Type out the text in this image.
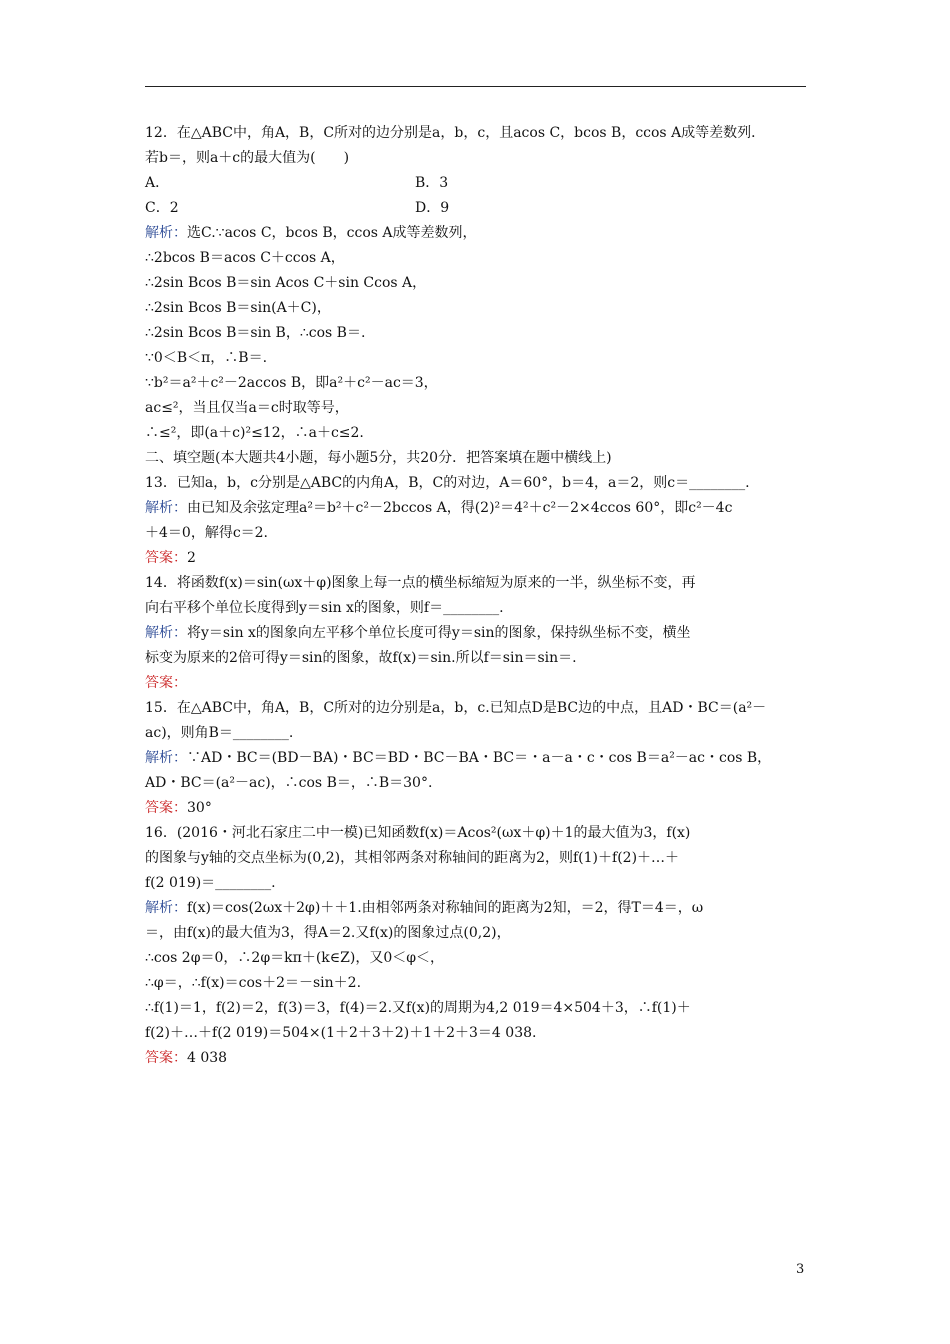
12．在△ABC中，角A，B，C所对的边分别是a，b，c，且acos C，bcos B，ccos A成等差数列．
若b＝，则a＋c的最大值为(　　)
A．	B．3
C．2	D．9
解析：选C.∵acos C，bcos B，ccos A成等差数列，
∴2bcos B＝acos C＋ccos A，
∴2sin Bcos B＝sin Acos C＋sin Ccos A，
∴2sin Bcos B＝sin(A＋C)，
∴2sin Bcos B＝sin B，∴cos B＝.
∵0＜B＜π，∴B＝.
∵b²＝a²＋c²－2accos B，即a²＋c²－ac＝3，
ac≤²，当且仅当a＝c时取等号，
∴≤²，即(a＋c)²≤12，∴a＋c≤2.
二、填空题(本大题共4小题，每小题5分，共20分．把答案填在题中横线上)
13．已知a，b，c分别是△ABC的内角A，B，C的对边，A＝60°，b＝4，a＝2，则c＝________.
解析：由已知及余弦定理a²＝b²＋c²－2bccos A，得(2)²＝4²＋c²－2×4ccos 60°，即c²－4c
＋4＝0，解得c＝2.
答案：2
14．将函数f(x)＝sin(ωx＋φ)图象上每一点的横坐标缩短为原来的一半，纵坐标不变，再
向右平移个单位长度得到y＝sin x的图象，则f＝________.
解析：将y＝sin x的图象向左平移个单位长度可得y＝sin的图象，保持纵坐标不变，横坐
标变为原来的2倍可得y＝sin的图象，故f(x)＝sin.所以f＝sin＝sin＝.
答案：
15．在△ABC中，角A，B，C所对的边分别是a，b，c.已知点D是BC边的中点，且AD・BC＝(a²－
ac)，则角B＝________.
解析：∵AD・BC＝(BD－BA)・BC＝BD・BC－BA・BC＝・a－a・c・cos B＝a²－ac・cos B，
AD・BC＝(a²－ac)，∴cos B＝，∴B＝30°.
答案：30°
16．(2016・河北石家庄二中一模)已知函数f(x)＝Acos²(ωx＋φ)＋1的最大值为3，f(x)
的图象与y轴的交点坐标为(0,2)，其相邻两条对称轴间的距离为2，则f(1)＋f(2)＋…＋
f(2 019)＝________.
解析：f(x)＝cos(2ωx＋2φ)＋＋1.由相邻两条对称轴间的距离为2知，＝2，得T＝4＝，ω
＝，由f(x)的最大值为3，得A＝2.又f(x)的图象过点(0,2)，
∴cos 2φ＝0，∴2φ＝kπ＋(k∈Z)，又0＜φ＜，
∴φ＝，∴f(x)＝cos＋2＝－sin＋2.
∴f(1)＝1，f(2)＝2，f(3)＝3，f(4)＝2.又f(x)的周期为4,2 019＝4×504＋3，∴f(1)＋
f(2)＋…＋f(2 019)＝504×(1＋2＋3＋2)＋1＋2＋3＝4 038.
答案：4 038
3
